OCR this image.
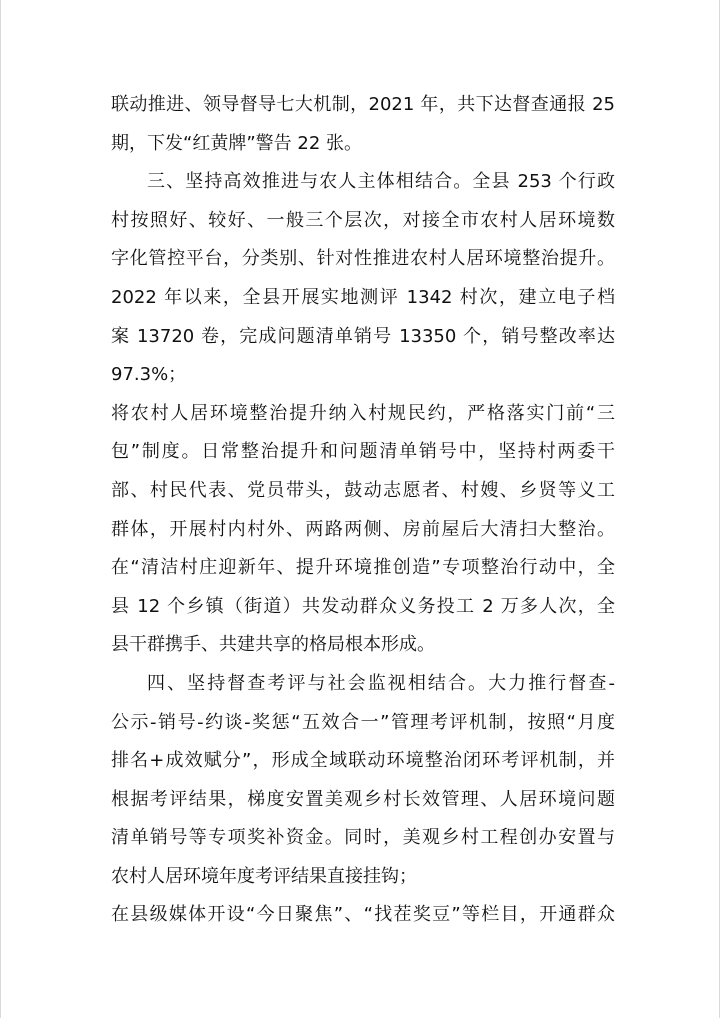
联动推进、领导督导七大机制，2021 年，共下达督查通报 25
期，下发“红黄牌”警告 22 张。
三、坚持高效推进与农人主体相结合。全县 253 个行政
村按照好、较好、一般三个层次，对接全市农村人居环境数
字化管控平台，分类别、针对性推进农村人居环境整治提升。
2022 年以来，全县开展实地测评 1342 村次，建立电子档
案 13720 卷，完成问题清单销号 13350 个，销号整改率达
97.3%；
将农村人居环境整治提升纳入村规民约，严格落实门前“三
包”制度。日常整治提升和问题清单销号中，坚持村两委干
部、村民代表、党员带头，鼓动志愿者、村嫂、乡贤等义工
群体，开展村内村外、两路两侧、房前屋后大清扫大整治。
在“清洁村庄迎新年、提升环境推创造”专项整治行动中，全
县 12 个乡镇（街道）共发动群众义务投工 2 万多人次，全
县干群携手、共建共享的格局根本形成。
四、坚持督查考评与社会监视相结合。大力推行督查-
公示-销号-约谈-奖惩“五效合一”管理考评机制，按照“月度
排名+成效赋分”，形成全域联动环境整治闭环考评机制，并
根据考评结果，梯度安置美观乡村长效管理、人居环境问题
清单销号等专项奖补资金。同时，美观乡村工程创办安置与
农村人居环境年度考评结果直接挂钩；
在县级媒体开设“今日聚焦”、“找茬奖豆”等栏目，开通群众
